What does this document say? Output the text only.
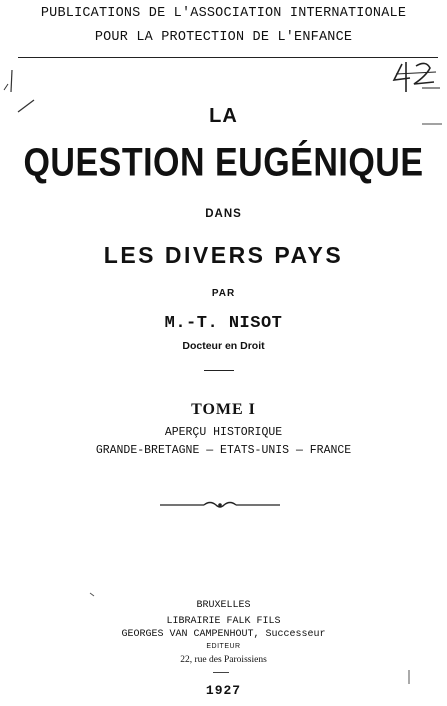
PUBLICATIONS DE L'ASSOCIATION INTERNATIONALE
POUR LA PROTECTION DE L'ENFANCE
LA
QUESTION EUGÉNIQUE
DANS
LES DIVERS PAYS
PAR
M.-T. NISOT
Docteur en Droit
TOME I
APERÇU HISTORIQUE
GRANDE-BRETAGNE — ETATS-UNIS — FRANCE
BRUXELLES
LIBRAIRIE FALK FILS
GEORGES VAN CAMPENHOUT, Successeur
EDITEUR
22, rue des Paroissiens
1927
